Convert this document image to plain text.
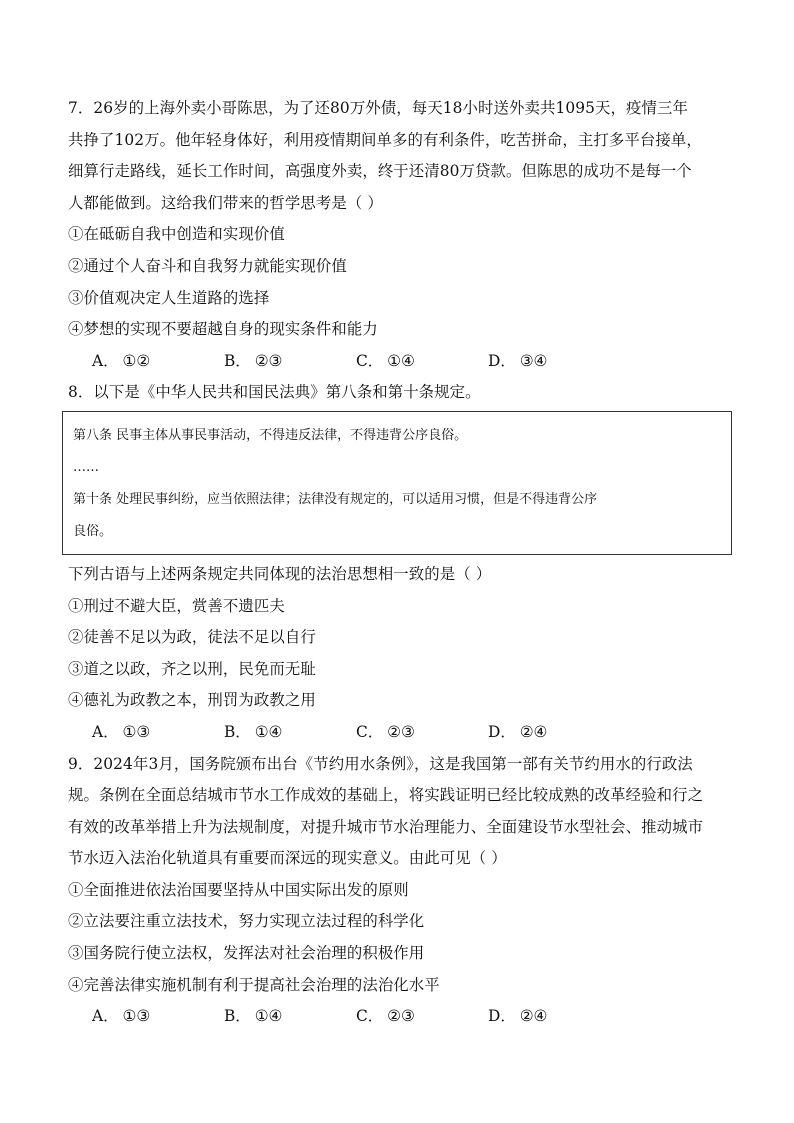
7．26岁的上海外卖小哥陈思，为了还80万外债，每天18小时送外卖共1095天，疫情三年
共挣了102万。他年轻身体好，利用疫情期间单多的有利条件，吃苦拼命，主打多平台接单，
细算行走路线，延长工作时间，高强度外卖，终于还清80万贷款。但陈思的成功不是每一个
人都能做到。这给我们带来的哲学思考是（ ）
①在砥砺自我中创造和实现价值
②通过个人奋斗和自我努力就能实现价值
③价值观决定人生道路的选择
④梦想的实现不要超越自身的现实条件和能力
A． ①②	B． ②③	C． ①④	D． ③④
8．以下是《中华人民共和国民法典》第八条和第十条规定。
第八条 民事主体从事民事活动，不得违反法律，不得违背公序良俗。
……
第十条 处理民事纠纷，应当依照法律；法律没有规定的，可以适用习惯，但是不得违背公序
良俗。
下列古语与上述两条规定共同体现的法治思想相一致的是（ ）
①刑过不避大臣，赏善不遗匹夫
②徒善不足以为政，徒法不足以自行
③道之以政，齐之以刑，民免而无耻
④德礼为政教之本，刑罚为政教之用
A． ①③	B． ①④	C． ②③	D． ②④
9．2024年3月，国务院颁布出台《节约用水条例》，这是我国第一部有关节约用水的行政法
规。条例在全面总结城市节水工作成效的基础上，将实践证明已经比较成熟的改革经验和行之
有效的改革举措上升为法规制度，对提升城市节水治理能力、全面建设节水型社会、推动城市
节水迈入法治化轨道具有重要而深远的现实意义。由此可见（ ）
①全面推进依法治国要坚持从中国实际出发的原则
②立法要注重立法技术，努力实现立法过程的科学化
③国务院行使立法权，发挥法对社会治理的积极作用
④完善法律实施机制有利于提高社会治理的法治化水平
A． ①③	B． ①④	C． ②③	D． ②④
